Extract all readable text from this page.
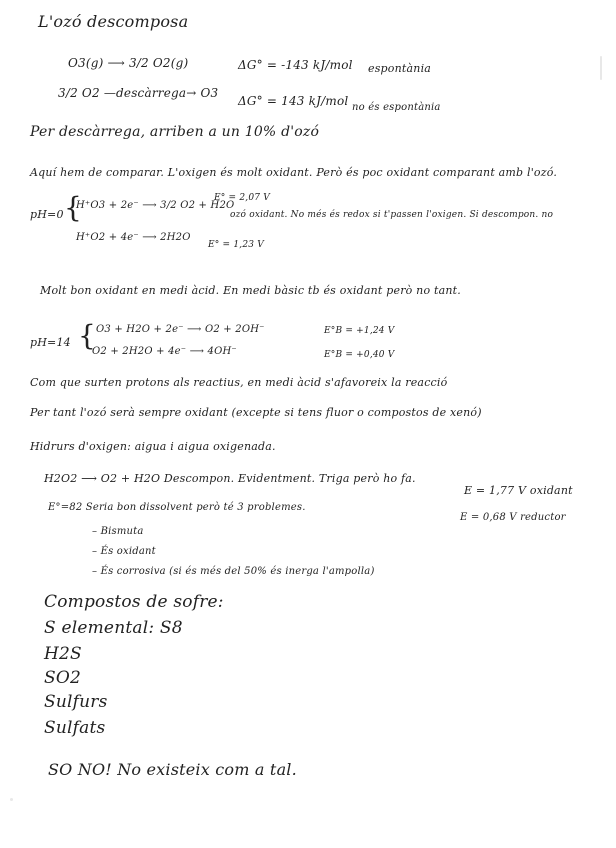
L'ozó descomposa
O3(g) ⟶ 3/2 O2(g)	ΔG° = -143 kJ/mol espontània
3/2 O2 —descàrrega→ O3
ΔG° = 143 kJ/mol no és espontània
Per descàrrega, arriben a un 10% d'ozó
Aquí hem de comparar. L'oxigen és molt oxidant. Però és poc oxidant comparant amb l'ozó.
pH=0 {
H⁺O3 + 2e⁻ ⟶ 3/2 O2 + H2O
E° = 2,07 V
ozó oxidant. No més és redox si t'passen l'oxigen. Si descompon. no
H⁺O2 + 4e⁻ ⟶ 2H2O
E° = 1,23 V
Molt bon oxidant en medi àcid. En medi bàsic tb és oxidant però no tant.
pH=14 { O3 + H2O + 2e⁻ ⟶ O2 + 2OH⁻	E°B = +1,24 V
O2 + 2H2O + 4e⁻ ⟶ 4OH⁻	E°B = +0,40 V
Com que surten protons als reactius, en medi àcid s'afavoreix la reacció
Per tant l'ozó serà sempre oxidant (excepte si tens fluor o compostos de xenó)
Hidrurs d'oxigen: aigua i aigua oxigenada.
H2O2 ⟶ O2 + H2O Descompon. Evidentment. Triga però ho fa.
E = 1,77 V oxidant
E°=82 Seria bon dissolvent però té 3 problemes.
E = 0,68 V reductor
– Bismuta
– És oxidant
– És corrosiva (si és més del 50% és inerga l'ampolla)
Compostos de sofre:
S elemental: S8
H2S
SO2
Sulfurs
Sulfats
SO NO! No existeix com a tal.
